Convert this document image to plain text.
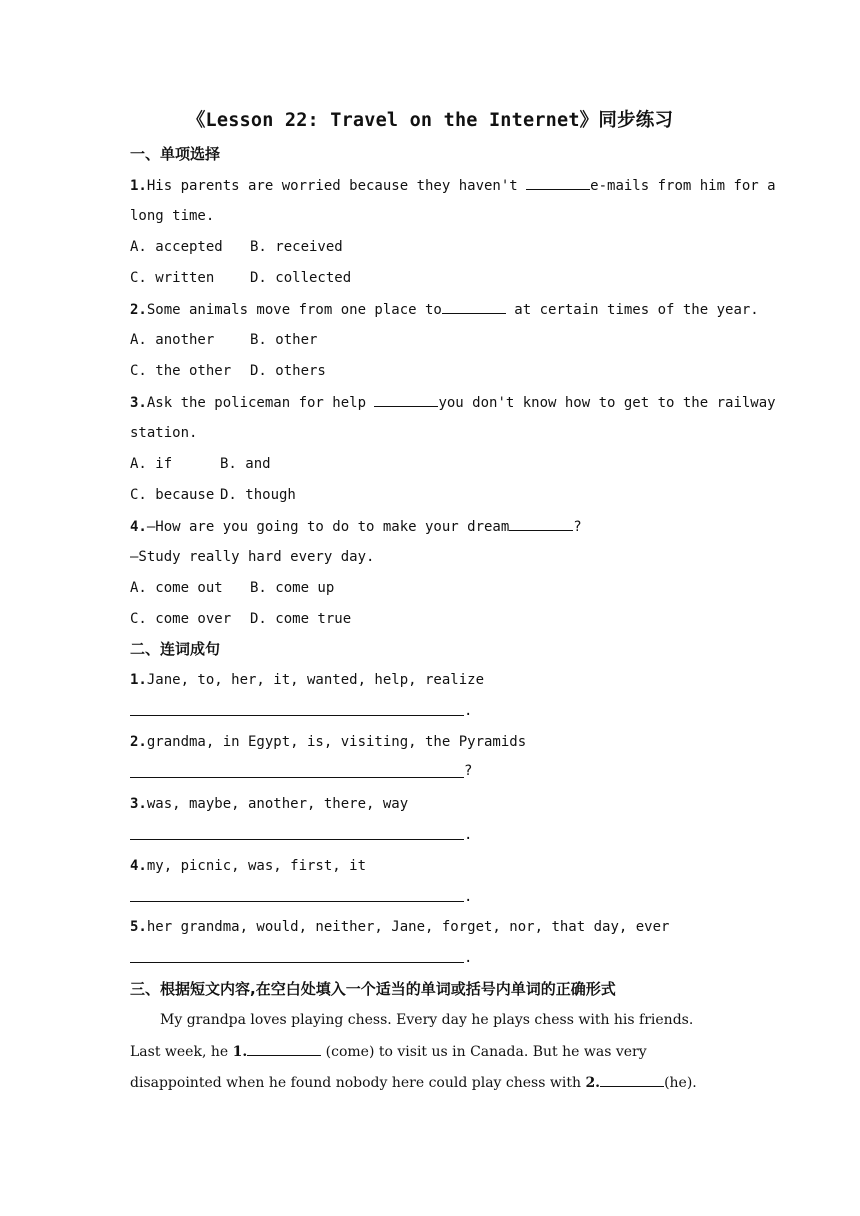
《Lesson 22: Travel on the Internet》同步练习
一、单项选择
1.His parents are worried because they haven't	e-mails from him for a
long time.
A. accepted B. received
C. written	D. collected
2.Some animals move from one place to	at certain times of the year.
A. another	B. other
C. the other D. others
3.Ask the policeman for help	you don't know how to get to the railway
station.
A. if	B. and
C. because D. though
4.—How are you going to do to make your dream	?
—Study really hard every day.
A. come out B. come up
C. come over D. come true
二、连词成句
1.Jane, to, her, it, wanted, help, realize
.
2.grandma, in Egypt, is, visiting, the Pyramids
?
3.was, maybe, another, there, way
.
4.my, picnic, was, first, it
.
5.her grandma, would, neither, Jane, forget, nor, that day, ever
.
三、根据短文内容,在空白处填入一个适当的单词或括号内单词的正确形式
My grandpa loves playing chess. Every day he plays chess with his friends.
Last week, he 1.	(come) to visit us in Canada. But he was very
disappointed when he found nobody here could play chess with 2.	(he).
